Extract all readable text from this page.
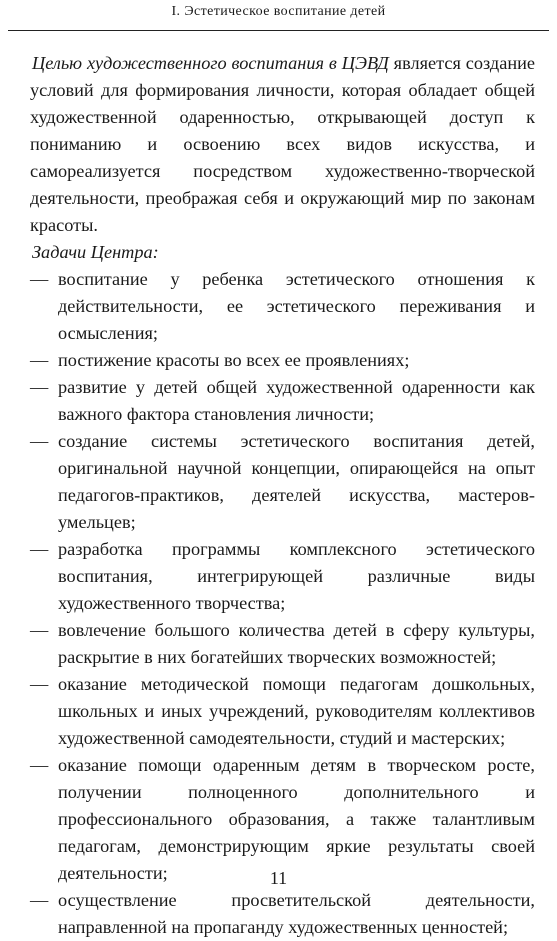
I. Эстетическое воспитание детей

Целью художественного воспитания в ЦЭВД является создание условий для формирования личности, которая обладает общей художественной одаренностью, открывающей доступ к пониманию и освоению всех видов искусства, и самореализуется посредством художественно-творческой деятельности, преображая себя и окружающий мир по законам красоты.

Задачи Центра:

— воспитание у ребенка эстетического отношения к действительности, ее эстетического переживания и осмысления;
— постижение красоты во всех ее проявлениях;
— развитие у детей общей художественной одаренности как важного фактора становления личности;
— создание системы эстетического воспитания детей, оригинальной научной концепции, опирающейся на опыт педагогов-практиков, деятелей искусства, мастеров-умельцев;
— разработка программы комплексного эстетического воспитания, интегрирующей различные виды художественного творчества;
— вовлечение большого количества детей в сферу культуры, раскрытие в них богатейших творческих возможностей;
— оказание методической помощи педагогам дошкольных, школьных и иных учреждений, руководителям коллективов художественной самодеятельности, студий и мастерских;
— оказание помощи одаренным детям в творческом росте, получении полноценного дополнительного и профессионального образования, а также талантливым педагогам, демонстрирующим яркие результаты своей деятельности;
— осуществление просветительской деятельности, направленной на пропаганду художественных ценностей;
11
